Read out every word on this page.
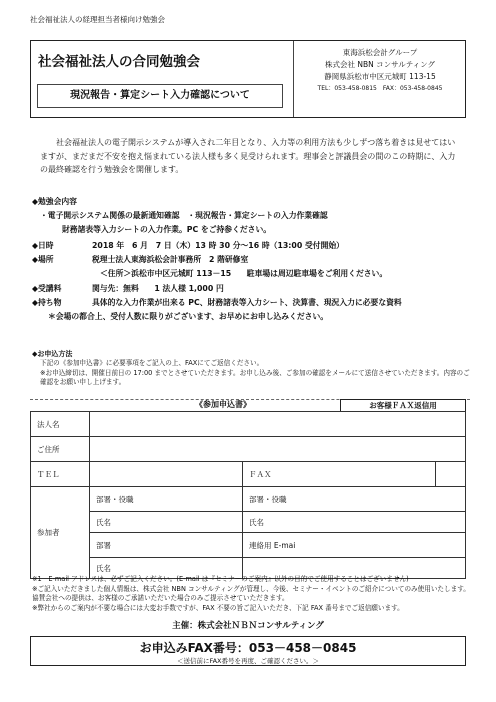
社会福祉法人の経理担当者様向け勉強会
社会福祉法人の合同勉強会
現況報告・算定シート入力確認について
東海浜松会計グループ
株式会社 NBN コンサルティング
静岡県浜松市中区元城町 113-15
TEL：053-458-0815　FAX：053-458-0845
社会福祉法人の電子開示システムが導入され二年目となり、入力等の利用方法も少しずつ落ち着きは見せてはいますが、まだまだ不安を抱え悩まれている法人様も多く見受けられます。理事会と評議員会の間のこの時期に、入力の最終確認を行う勉強会を開催します。
◆勉強会内容
・電子開示システム関係の最新通知確認　・現況報告・算定シートの入力作業確認
財務諸表等入力シートの入力作業。PC をご持参ください。
◆日時	2018 年　6 月　7 日（木）13 時 30 分～16 時（13:00 受付開始）
◆場所	税理士法人東海浜松会計事務所　2 階研修室
＜住所＞浜松市中区元城町 113－15　　駐車場は周辺駐車場をご利用ください。
◆受講料	関与先：無料　　1 法人様 1,000 円
◆持ち物	具体的な入力作業が出来る PC、財務諸表等入力シート、決算書、現況入力に必要な資料
＊会場の都合上、受付人数に限りがございます、お早めにお申し込みください。
◆お申込方法
下記の《参加申込書》に必要事項をご記入の上、FAXにてご返信ください。
※お申込締切は、開催日前日の 17:00 までとさせていただきます。お申し込み後、ご参加の確認をメールにて送信させていただきます。内容のご確認をお願い申し上げます。
《参加申込書》	お客様ＦＡＸ返信用
法人名			
ご住所			
ＴＥＬ		ＦＡＸ	
参加者	部署・役職	部署・役職	
	氏名	氏名	
	部署	連絡用 E-mai	
	氏名		
※1　E-mail アドレスは、必ずご記入ください。(E-mail は『セミナーのご案内』以外の目的でご使用することはございません)
※ご記入いただきました個人情報は、株式会社 NBN コンサルティングが管理し、今後、セミナー・イベントのご紹介についてのみ使用いたします。協賛会社への提供は、お客様のご承諾いただいた場合のみご提示させていただきます。
※弊社からのご案内が不要な場合には大変お手数ですが、FAX 不要の旨ご記入いただき、下記 FAX 番号までご返信願います。
主催：株式会社ＮＢＮコンサルティング
お申込みFAX番号：053－458－0845
＜送信前にFAX番号を再度、ご確認ください。＞
